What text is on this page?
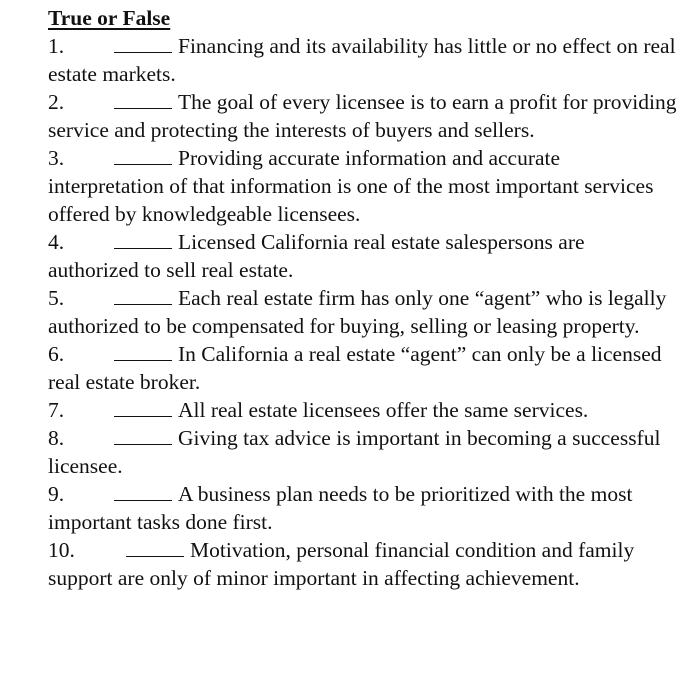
True or False

1.	Financing and its availability has little or no effect on real estate markets.

2.	The goal of every licensee is to earn a profit for providing service and protecting the interests of buyers and sellers.

3.	Providing accurate information and accurate interpretation of that information is one of the most important services offered by knowledgeable licensees.

4.	Licensed California real estate salespersons are authorized to sell real estate.

5.	Each real estate firm has only one “agent” who is legally authorized to be compensated for buying, selling or leasing property.

6.	In California a real estate “agent” can only be a licensed real estate broker.

7.	All real estate licensees offer the same services.

8.	Giving tax advice is important in becoming a successful licensee.

9.	A business plan needs to be prioritized with the most important tasks done first.

10.	Motivation, personal financial condition and family support are only of minor important in affecting achievement.
